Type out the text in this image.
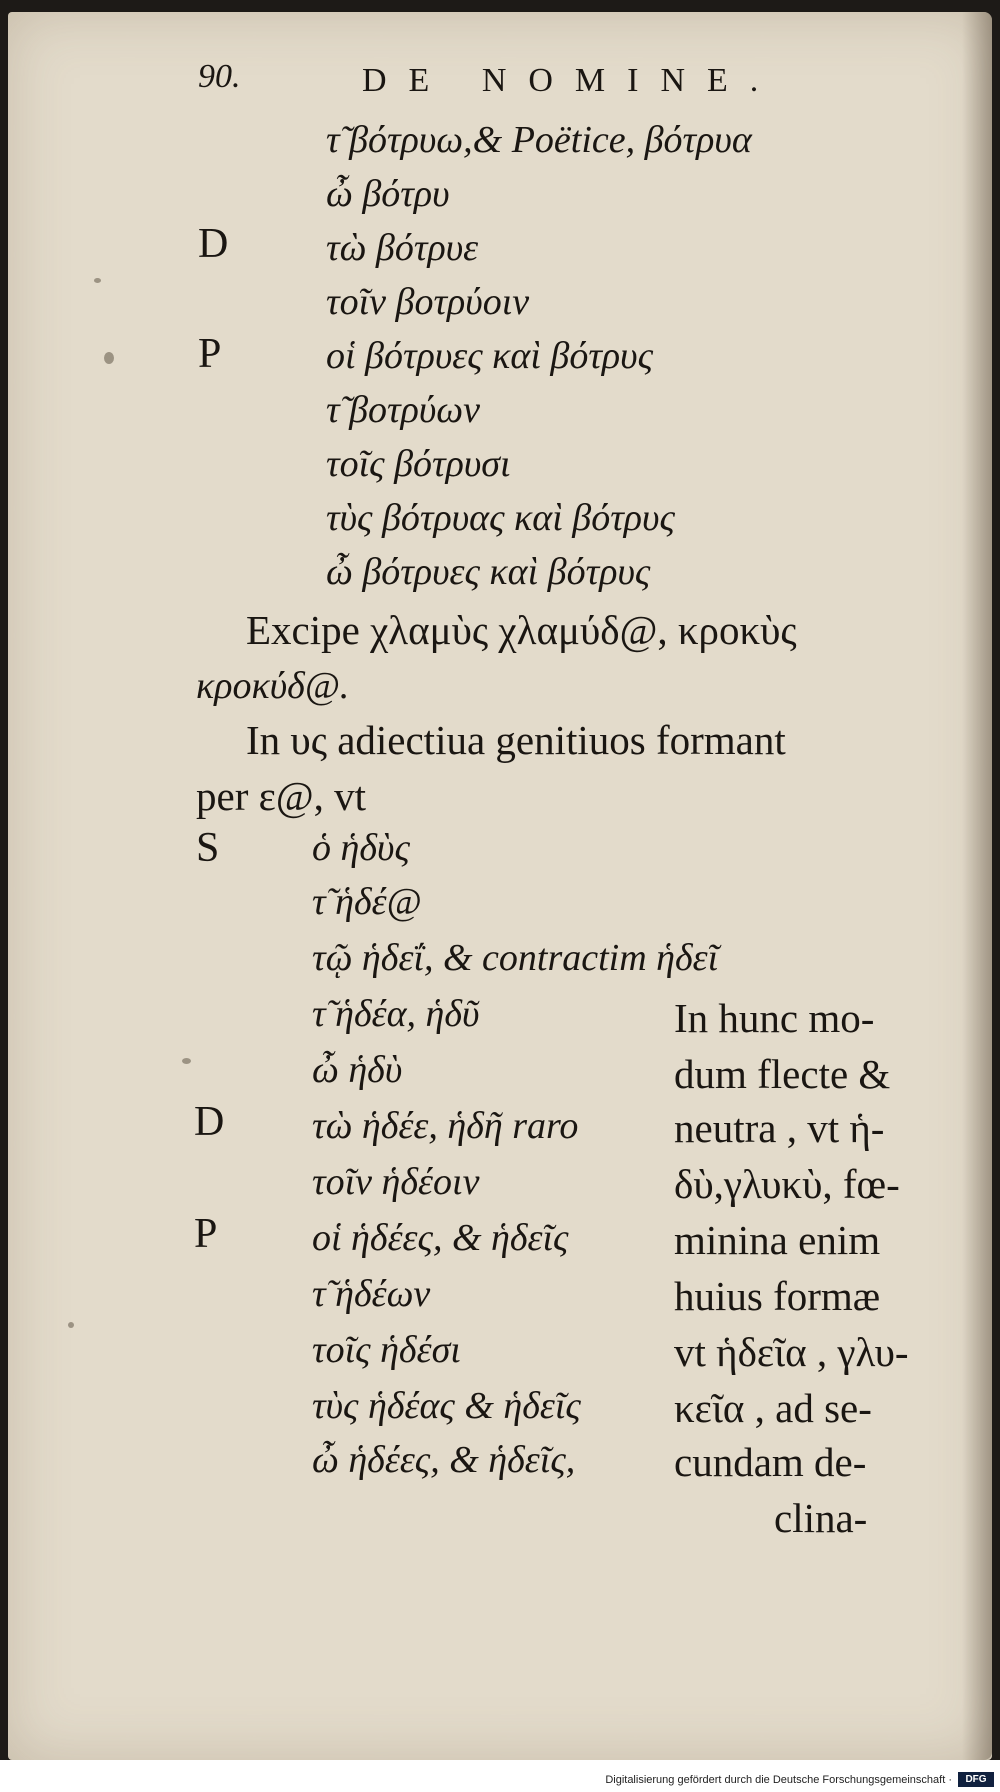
90.	DE NOMINE.
τ̃ βότρυω,& Poëtice, βότρυα
ὦ βότρυ
D	τὼ βότρυε
τοῖν βοτρύοιν
P	οἱ βότρυες καὶ βότρυς
τ̃ βοτρύων
τοῖς βότρυσι
τὺς βότρυας καὶ βότρυς
ὦ βότρυες καὶ βότρυς
Excipe χλαμὺς χλαμύδ@, κροκὺς
κροκύδ@.
In υς adiectiua genitiuos formant
per ε@, vt
S ὁ ἡδὺς
τ̃ ἡδέ@
τῷ ἡδεΐ, & contractim ἡδεῖ
τ̃ ἡδέα, ἡδῦ
ὦ ἡδὺ
D τὼ ἡδέε, ἡδῆ raro
τοῖν ἡδέοιν
P οἱ ἡδέες, & ἡδεῖς
τ̃ ἡδέων
τοῖς ἡδέσι
τὺς ἡδέας & ἡδεῖς
ὦ ἡδέες, & ἡδεῖς,
In hunc mo-
dum flecte &
neutra , vt ἡ-
δὺ,γλυκὺ, fœ-
minina enim
huius formæ
vt ἡδεῖα , γλυ-
κεῖα , ad se-
cundam de-
clina-
Digitalisierung gefördert durch die Deutsche Forschungsgemeinschaft ·	DFG
